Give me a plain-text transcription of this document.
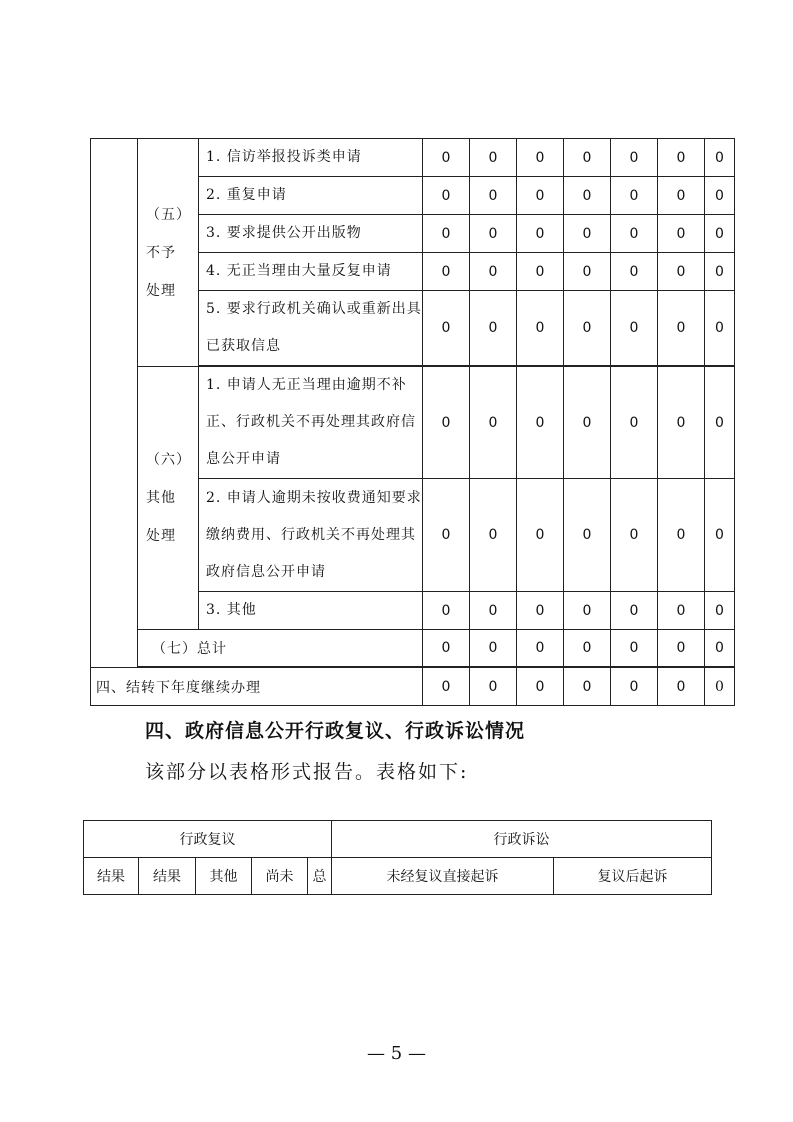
	（五）不予处理	1. 信访举报投诉类申请	0	0	0	0	0	0	0
		2. 重复申请	0	0	0	0	0	0	0
		3. 要求提供公开出版物	0	0	0	0	0	0	0
		4. 无正当理由大量反复申请	0	0	0	0	0	0	0
		5. 要求行政机关确认或重新出具已获取信息	0	0	0	0	0	0	0

	（六）其他处理	1. 申请人无正当理由逾期不补正、行政机关不再处理其政府信息公开申请	0	0	0	0	0	0	0
		2. 申请人逾期未按收费通知要求缴纳费用、行政机关不再处理其政府信息公开申请	0	0	0	0	0	0	0
		3. 其他	0	0	0	0	0	0	0
	（七）总计		0	0	0	0	0	0	0

四、结转下年度继续办理			0	0	0	0	0	0	0
四、政府信息公开行政复议、行政诉讼情况

该部分以表格形式报告。表格如下:

行政复议					行政诉讼	
结果	结果	其他	尚未	总	未经复议直接起诉	复议后起诉
— 5 —
